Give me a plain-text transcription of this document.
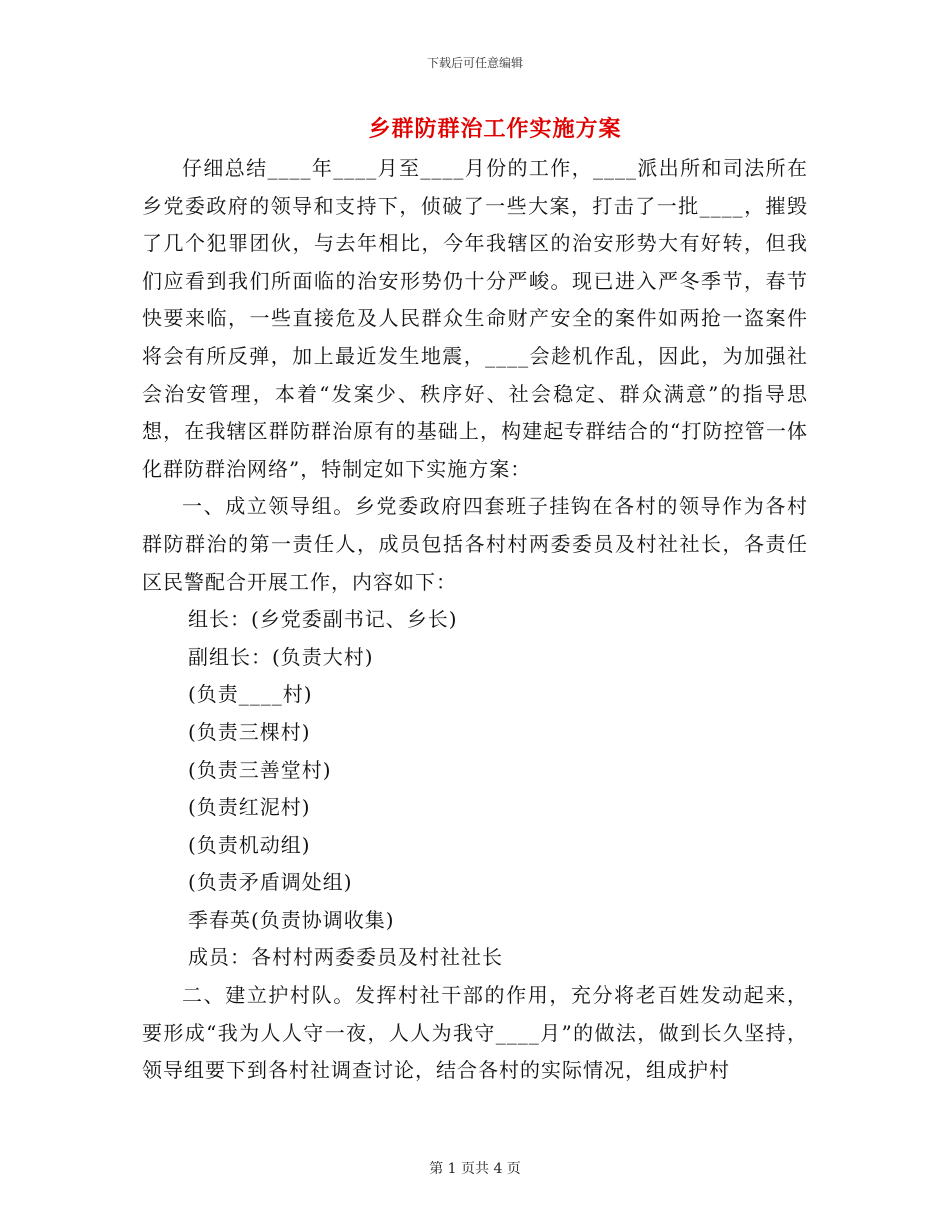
下载后可任意编辑
乡群防群治工作实施方案

仔细总结____年____月至____月份的工作，____派出所和司法所在乡党委政府的领导和支持下，侦破了一些大案，打击了一批____，摧毁了几个犯罪团伙，与去年相比，今年我辖区的治安形势大有好转，但我们应看到我们所面临的治安形势仍十分严峻。现已进入严冬季节，春节快要来临，一些直接危及人民群众生命财产安全的案件如两抢一盗案件将会有所反弹，加上最近发生地震，____会趁机作乱，因此，为加强社会治安管理，本着“发案少、秩序好、社会稳定、群众满意”的指导思想，在我辖区群防群治原有的基础上，构建起专群结合的“打防控管一体化群防群治网络”，特制定如下实施方案：

一、成立领导组。乡党委政府四套班子挂钩在各村的领导作为各村群防群治的第一责任人，成员包括各村村两委委员及村社社长，各责任区民警配合开展工作，内容如下：

组长：(乡党委副书记、乡长)

副组长：(负责大村)

(负责____村)

(负责三棵村)

(负责三善堂村)

(负责红泥村)

(负责机动组)

(负责矛盾调处组)

季春英(负责协调收集)

成员：各村村两委委员及村社社长

二、建立护村队。发挥村社干部的作用，充分将老百姓发动起来，要形成“我为人人守一夜，人人为我守____月”的做法，做到长久坚持，领导组要下到各村社调查讨论，结合各村的实际情况，组成护村

第 1 页共 4 页
